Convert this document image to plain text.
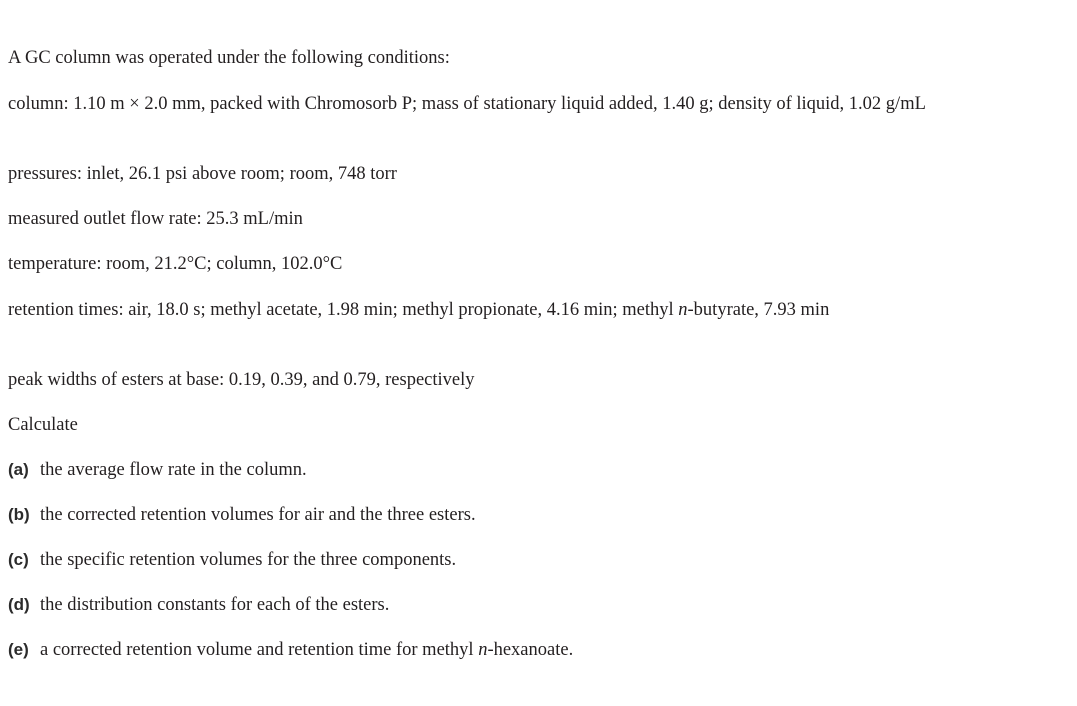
A GC column was operated under the following conditions:
column: 1.10 m × 2.0 mm, packed with Chromosorb P; mass of stationary liquid added, 1.40 g; density of liquid, 1.02 g/mL
pressures: inlet, 26.1 psi above room; room, 748 torr
measured outlet flow rate: 25.3 mL/min
temperature: room, 21.2°C; column, 102.0°C
retention times: air, 18.0 s; methyl acetate, 1.98 min; methyl propionate, 4.16 min; methyl n-butyrate, 7.93 min
peak widths of esters at base: 0.19, 0.39, and 0.79, respectively
Calculate
(a) the average flow rate in the column.
(b) the corrected retention volumes for air and the three esters.
(c) the specific retention volumes for the three components.
(d) the distribution constants for each of the esters.
(e) a corrected retention volume and retention time for methyl n-hexanoate.
